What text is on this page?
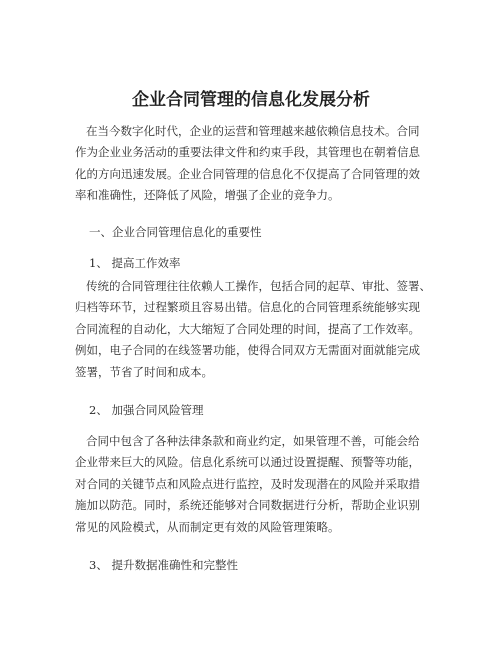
企业合同管理的信息化发展分析
在当今数字化时代，企业的运营和管理越来越依赖信息技术。合同
作为企业业务活动的重要法律文件和约束手段，其管理也在朝着信息
化的方向迅速发展。企业合同管理的信息化不仅提高了合同管理的效
率和准确性，还降低了风险，增强了企业的竞争力。
一、企业合同管理信息化的重要性
1、 提高工作效率
传统的合同管理往往依赖人工操作，包括合同的起草、审批、签署、
归档等环节，过程繁琐且容易出错。信息化的合同管理系统能够实现
合同流程的自动化，大大缩短了合同处理的时间，提高了工作效率。
例如，电子合同的在线签署功能，使得合同双方无需面对面就能完成
签署，节省了时间和成本。
2、 加强合同风险管理
合同中包含了各种法律条款和商业约定，如果管理不善，可能会给
企业带来巨大的风险。信息化系统可以通过设置提醒、预警等功能，
对合同的关键节点和风险点进行监控，及时发现潜在的风险并采取措
施加以防范。同时，系统还能够对合同数据进行分析，帮助企业识别
常见的风险模式，从而制定更有效的风险管理策略。
3、 提升数据准确性和完整性
